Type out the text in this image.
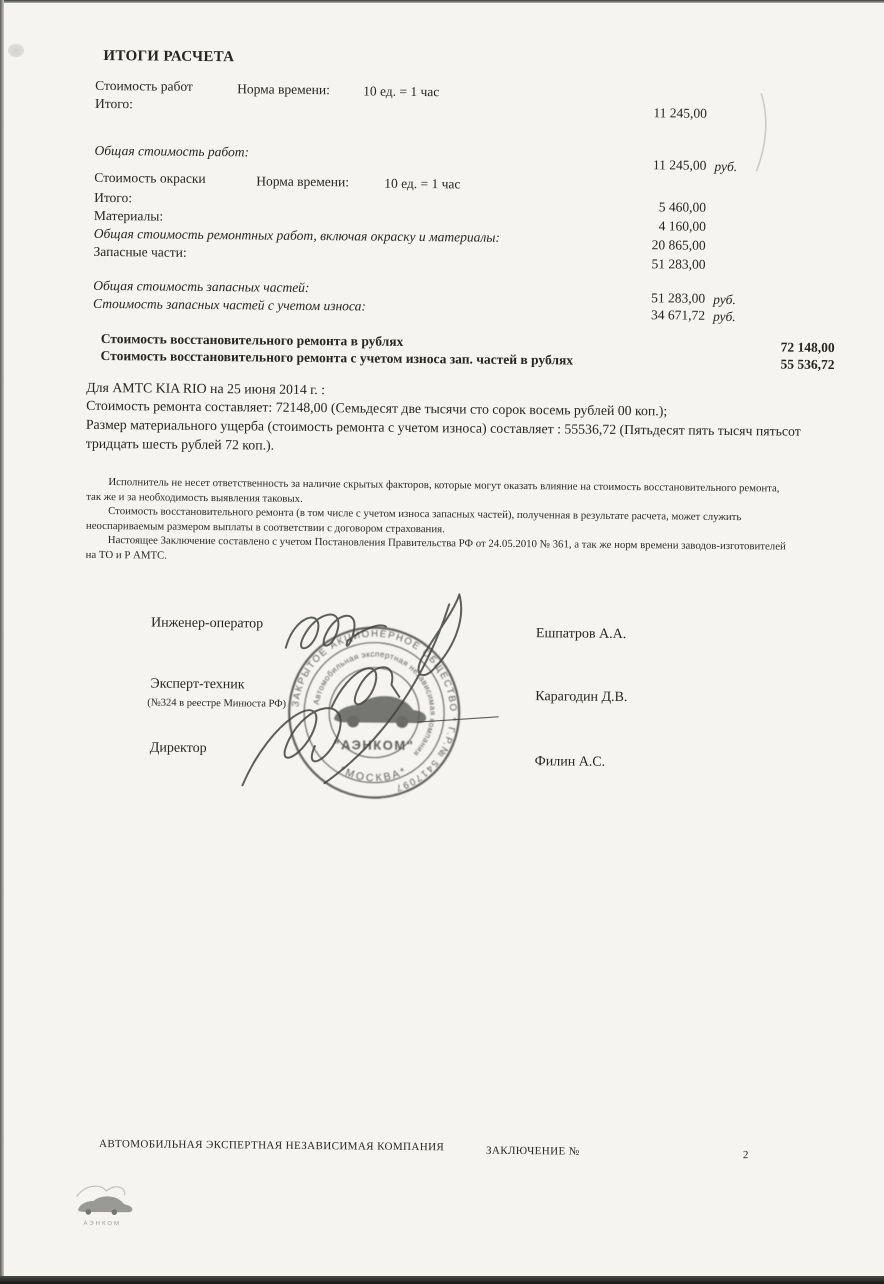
ИТОГИ РАСЧЕТА
Стоимость работ	Норма времени: 10 ед. = 1 час
Итого:
11 245,00
Общая стоимость работ:
11 245,00 руб.
Стоимость окраски	Норма времени:	10 ед. = 1 час
Итого:
5 460,00
Материалы:
4 160,00
Общая стоимость ремонтных работ, включая окраску и материалы:
20 865,00
Запасные части:
51 283,00
Общая стоимость запасных частей:
51 283,00 руб.
Стоимость запасных частей с учетом износа:
34 671,72 руб.
Стоимость восстановительного ремонта в рублях	72 148,00
Стоимость восстановительного ремонта с учетом износа зап. частей в рублях	55 536,72
Для АМТС KIA RIO на 25 июня 2014 г. :
Стоимость ремонта составляет: 72148,00 (Семьдесят две тысячи сто сорок восемь рублей 00 коп.);
Размер материального ущерба (стоимость ремонта с учетом износа) составляет : 55536,72 (Пятьдесят пять тысяч пятьсот тридцать шесть рублей 72 коп.).

Исполнитель не несет ответственность за наличие скрытых факторов, которые могут оказать влияние на стоимость восстановительного ремонта, так же и за необходимость выявления таковых.

Стоимость восстановительного ремонта (в том числе с учетом износа запасных частей), полученная в результате расчета, может служить неоспариваемым размером выплаты в соответствии с договором страхования.

Настоящее Заключение составлено с учетом Постановления Правительства РФ от 24.05.2010 № 361, а так же норм времени заводов-изготовителей на ТО и Р АМТС.

Инженер-оператор
Ешпатров А.А.
Эксперт-техник
(№324 в реестре Минюста РФ)	Карагодин Д.В.
Директор
Филин А.С.
ЗАКРЫТОЕ АКЦИОНЕРНОЕ ОБЩЕСТВО * Г.Р.№ 5417097
*МОСКВА*
Автомобильная экспертная независимая компания
"АЭНКОМ"
АВТОМОБИЛЬНАЯ ЭКСПЕРТНАЯ НЕЗАВИСИМАЯ КОМПАНИЯ	ЗАКЛЮЧЕНИЕ №	2
АЭНКОМ
